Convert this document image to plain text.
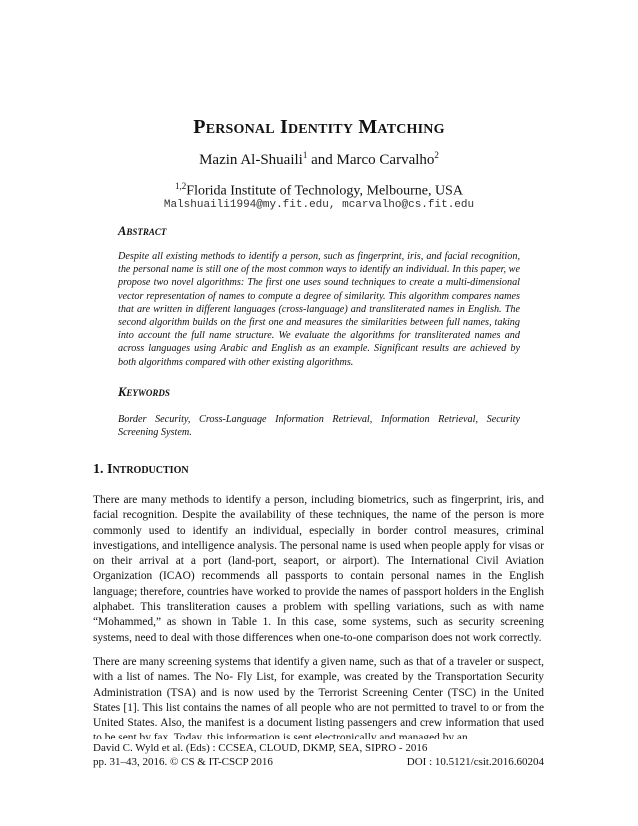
Personal Identity Matching
Mazin Al-Shuaili$^1$ and Marco Carvalho$^2$
$^{1,2}$Florida Institute of Technology, Melbourne, USA
Malshuaili1994@my.fit.edu, mcarvalho@cs.fit.edu
Abstract
Despite all existing methods to identify a person, such as fingerprint, iris, and facial recognition, the personal name is still one of the most common ways to identify an individual. In this paper, we propose two novel algorithms: The first one uses sound techniques to create a multi-dimensional vector representation of names to compute a degree of similarity. This algorithm compares names that are written in different languages (cross-language) and transliterated names in English. The second algorithm builds on the first one and measures the similarities between full names, taking into account the full name structure. We evaluate the algorithms for transliterated names and across languages using Arabic and English as an example. Significant results are achieved by both algorithms compared with other existing algorithms.
Keywords
Border Security, Cross-Language Information Retrieval, Information Retrieval, Security Screening System.
1. Introduction
There are many methods to identify a person, including biometrics, such as fingerprint, iris, and facial recognition. Despite the availability of these techniques, the name of the person is more commonly used to identify an individual, especially in border control measures, criminal investigations, and intelligence analysis. The personal name is used when people apply for visas or on their arrival at a port (land-port, seaport, or airport). The International Civil Aviation Organization (ICAO) recommends all passports to contain personal names in the English language; therefore, countries have worked to provide the names of passport holders in the English alphabet. This transliteration causes a problem with spelling variations, such as with name “Mohammed,” as shown in Table 1. In this case, some systems, such as security screening systems, need to deal with those differences when one-to-one comparison does not work correctly.
There are many screening systems that identify a given name, such as that of a traveler or suspect, with a list of names. The No- Fly List, for example, was created by the Transportation Security Administration (TSA) and is now used by the Terrorist Screening Center (TSC) in the United States [1]. This list contains the names of all people who are not permitted to travel to or from the United States. Also, the manifest is a document listing passengers and crew information that used
David C. Wyld et al. (Eds) : CCSEA, CLOUD, DKMP, SEA, SIPRO - 2016
pp. 31–43, 2016. © CS & IT-CSCP 2016	DOI : 10.5121/csit.2016.60204
